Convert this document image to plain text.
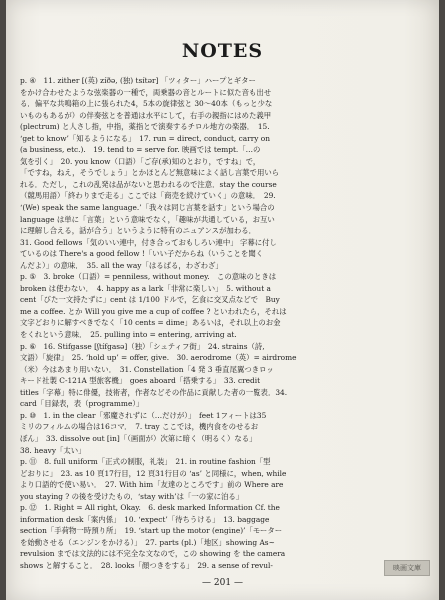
NOTES
p. ④　11. zither [(英) zíðə, (独) tsítər] 「ツィター」ハープとギター
をかけ合わせたような弦楽器の一種で，両乗器の音とルートに似た音も出せ
る．偏平な共鳴箱の上に張られた4，5本の旋律弦と 30〜40本（もっと少な
いものもあるが）の伴奏弦とを普通は水平にして，右手の親指にはめた義甲
(plectrum) と人さし指，中指，薬指とで演奏するチロル地方の楽器．　15.
‘get to know’「知るようになる」　17. run = direct, conduct, carry on
(a business, etc.).　19. tend to = serve for. 映画では tempt.「…の
気を引く」　20. you know（口語）「ご存(承)知のとおり，ですね」で，
「ですね，ねえ，そうでしょう」とかほとんど無意味によく話し言葉で用いら
れる．ただし，これの乱発は品がないと思われるので注意．stay the course
（競馬用語）「終わりまで走る」ここでは「商売を続けていく」の意味．　29.
‘(We) speak the same language.’「我々は同じ言葉を話す」という場合の
language は単に「言葉」という意味でなく，「趣味が共通している，お互い
に理解し合える，話が合う」というように特有のニュアンスが加わる．
31. Good fellows「気のいい連中，付き合っておもしろい連中」 字幕に付し
ているのは There's a good fellow !「いい子だからね（いうことを聞く
んだよ）」の意味．　35. all the way「はるばる，わざわざ」
p. ⑤　3. broke（口語）= penniless, without money.　この意味のときは
broken は使わない．　4. happy as a lark「非常に楽しい」　5. without a
cent「びた一文持たずに」cent は 1/100 ドルで，乞食に交叉点などで　Buy
me a coffee. とか Will you give me a cup of coffee ? といわれたら，それは
文字どおりに解すべきでなく「10 cents = dime」あるいは，それ以上のお金
をくれという意味．　25. pulling into = entering, arriving at.
p. ⑥　16. Stifgasse [ʃtífgasə]（独）「シュティフ街」　24. strains（詩,
文語）「旋律」　25. ‘hold up’ = offer, give.　30. aerodrome（英）= airdrome
（米）今はあまり用いない．　31. Constellation「4 発 3 垂直尾翼つきロッ
キード社製 C-121A 型旅客機」　goes aboard「搭乗する」　33. credit
titles「字幕」特に俳優，技術者，作者などその作品に貢献した者の一覧表．34.
card「目録表，表（programme）」
p. ⑩　1. in the clear「邪魔されずに（…だけが）」　feet 1フィートは35
ミリのフィルムの場合は16コマ．　7. tray ここでは，機内食をのせるお
ぼん」　33. dissolve out [in]「（画面が）次第に暗く（明るく）なる」
38. heavy「太い」
p. ⑪　8. full uniform「正式の制服，礼装」　21. in routine fashion「型
どおりに」　23. as 10 頁17行目，12 頁31行目の ‘as’ と同様に，when, while
より口語的で使い易い．　27. With him「友達のところです」前の Where are
you staying ? の後を受けたもの．‘stay with’は「一の家に泊る」
p. ⑫　1. Right = All right, Okay.　6. desk marked Information Cf. the
information desk「案内係」　10. ‘expect’「待ちうける」　13. baggage
section「手荷物一時預り所」　19. ‘start up the motor (engine)’「モーター
を始動させる（エンジンをかける）」　27. parts (pl.)「地区」showing As~
revulsion までは文法的には不完全な文なので，この showing を the camera
shows と解すること．　28. looks「顔つきをする」　29. a sense of revul-	映画文庫
— 201 —
